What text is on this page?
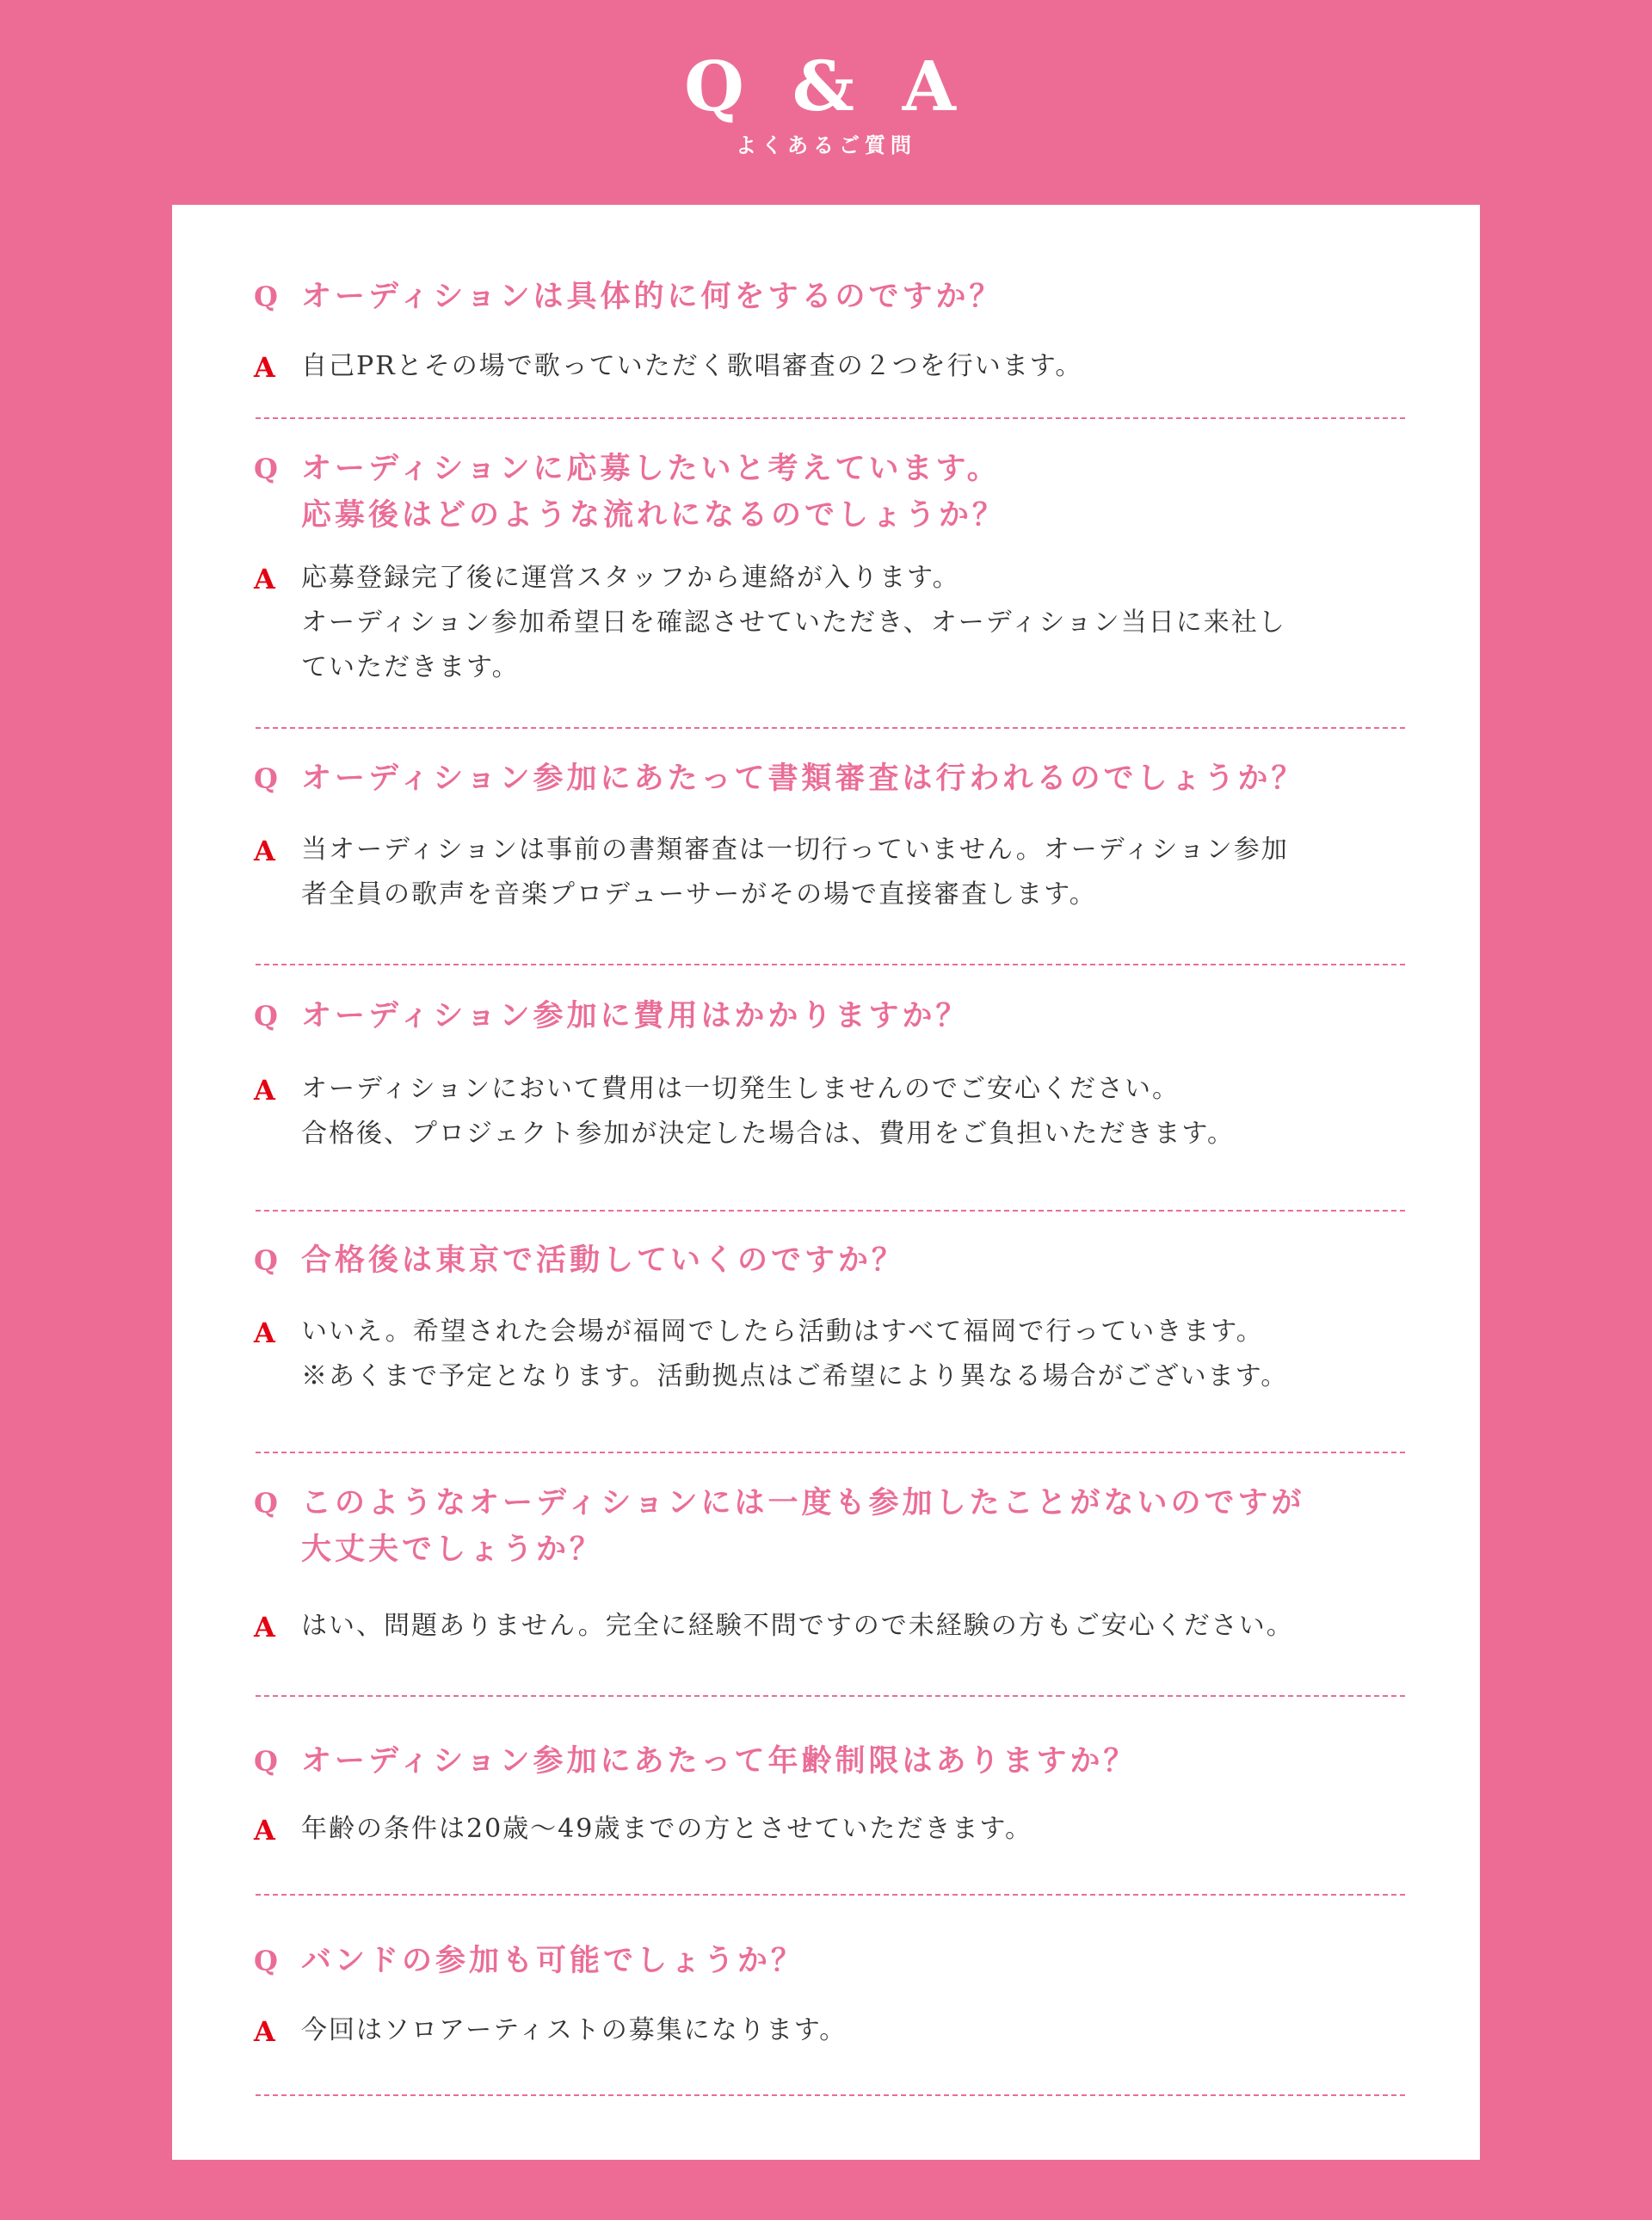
Q & A
よくあるご質問
Q オーディションは具体的に何をするのですか？
A	自己PRとその場で歌っていただく歌唱審査の２つを行います。
Q オーディションに応募したいと考えています。
応募後はどのような流れになるのでしょうか？
A	応募登録完了後に運営スタッフから連絡が入ります。
オーディション参加希望日を確認させていただき、オーディション当日に来社し
ていただきます。
Q オーディション参加にあたって書類審査は行われるのでしょうか？
A	当オーディションは事前の書類審査は一切行っていません。オーディション参加
者全員の歌声を音楽プロデューサーがその場で直接審査します。
Q オーディション参加に費用はかかりますか？
A	オーディションにおいて費用は一切発生しませんのでご安心ください。
合格後、プロジェクト参加が決定した場合は、費用をご負担いただきます。
Q 合格後は東京で活動していくのですか？
A	いいえ。希望された会場が福岡でしたら活動はすべて福岡で行っていきます。
※あくまで予定となります。活動拠点はご希望により異なる場合がございます。
Q このようなオーディションには一度も参加したことがないのですが
大丈夫でしょうか？
A	はい、問題ありません。完全に経験不問ですので未経験の方もご安心ください。
Q オーディション参加にあたって年齢制限はありますか？
A	年齢の条件は20歳〜49歳までの方とさせていただきます。
Q バンドの参加も可能でしょうか？
A	今回はソロアーティストの募集になります。
